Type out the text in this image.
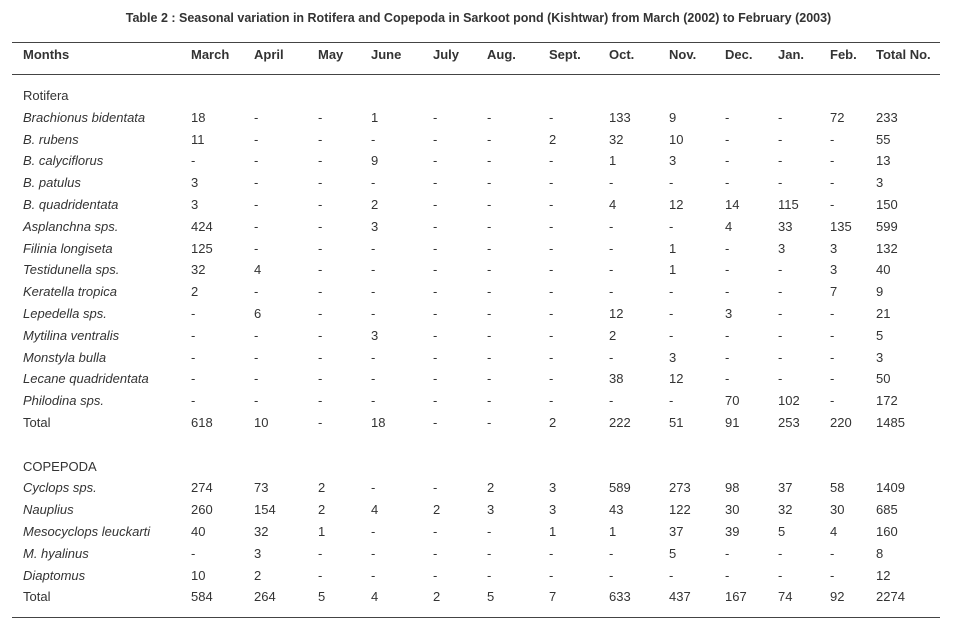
Table 2 : Seasonal variation in Rotifera and Copepoda in Sarkoot pond (Kishtwar) from March (2002) to February (2003)
Months	March April	May June July Aug.	Sept. Oct.	Nov. Dec. Jan. Feb. Total No.
Rotifera
Brachionus bidentata	18	-	-	1	-	-	-	133	9	-	-	72 233
B. rubens	11	-	-	-	-	-	2	32	10	-	-	-	55
B. calyciflorus	-	-	-	9	-	-	-	1	3	-	-	-	13
B. patulus	3	-	-	-	-	-	-	-	-	-	-	-	3
B. quadridentata	3	-	-	2	-	-	-	4	12	14	115 -	150
Asplanchna sps.	424	-	-	3	-	-	-	-	-	4	33	135 599
Filinia longiseta	125	-	-	-	-	-	-	-	1	-	3	3	132
Testidunella sps.	32	4	-	-	-	-	-	-	1	-	-	3	40
Keratella tropica	2	-	-	-	-	-	-	-	-	-	-	7	9
Lepedella sps.	-	6	-	-	-	-	-	12	-	3	-	-	21
Mytilina ventralis	-	-	-	3	-	-	-	2	-	-	-	-	5
Monstyla bulla	-	-	-	-	-	-	-	-	3	-	-	-	3
Lecane quadridentata	-	-	-	-	-	-	-	38	12	-	-	-	50
Philodina sps.	-	-	-	-	-	-	-	-	-	70	102 -	172
Total	618	10	-	18	-	-	2	222	51	91	253 220 1485
COPEPODA
Cyclops sps.	274	73	2	-	-	2	3	589	273	98	37	58 1409
Nauplius	260	154	2	4	2	3	3	43	122	30	32	30 685
Mesocyclops leuckarti	40	32	1	-	-	-	1	1	37	39	5	4	160
M. hyalinus	-	3	-	-	-	-	-	-	5	-	-	-	8
Diaptomus	10	2	-	-	-	-	-	-	-	-	-	-	12
Total	584	264	5	4	2	5	7	633	437	167 74	92 2274
